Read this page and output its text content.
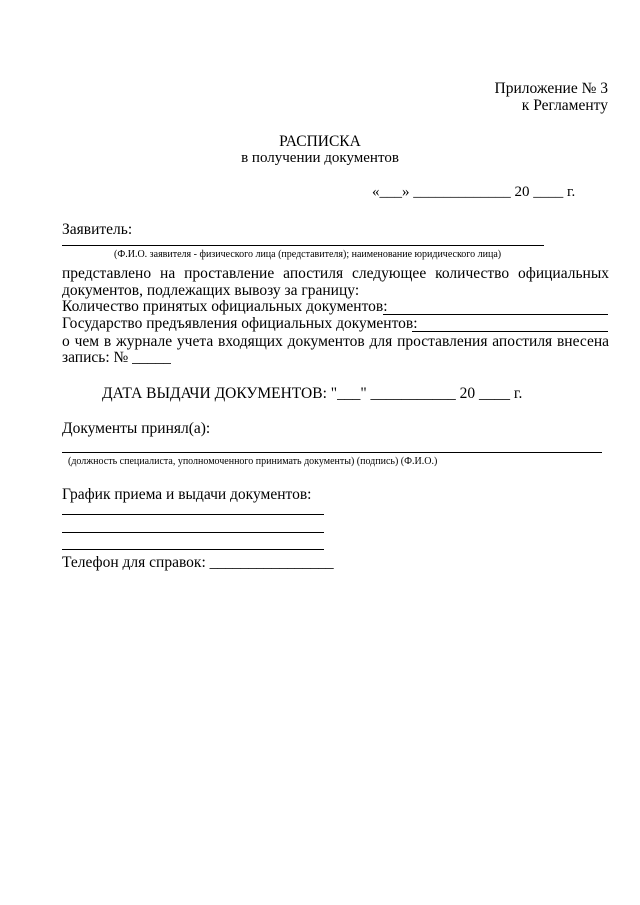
Приложение № 3
к Регламенту
РАСПИСКА
в получении документов
«___» _____________ 20 ____ г.
Заявитель:
(Ф.И.О. заявителя - физического лица (представителя); наименование юридического лица)
представлено на проставление апостиля следующее количество официальных
документов, подлежащих вывозу за границу:
Количество принятых официальных документов:
Государство предъявления официальных документов:
о чем в журнале учета входящих документов для проставления апостиля внесена
запись: № _____
ДАТА ВЫДАЧИ ДОКУМЕНТОВ: "___" ___________ 20 ____ г.
Документы принял(а):
(должность специалиста, уполномоченного принимать документы) (подпись) (Ф.И.О.)
График приема и выдачи документов:
Телефон для справок: ________________
